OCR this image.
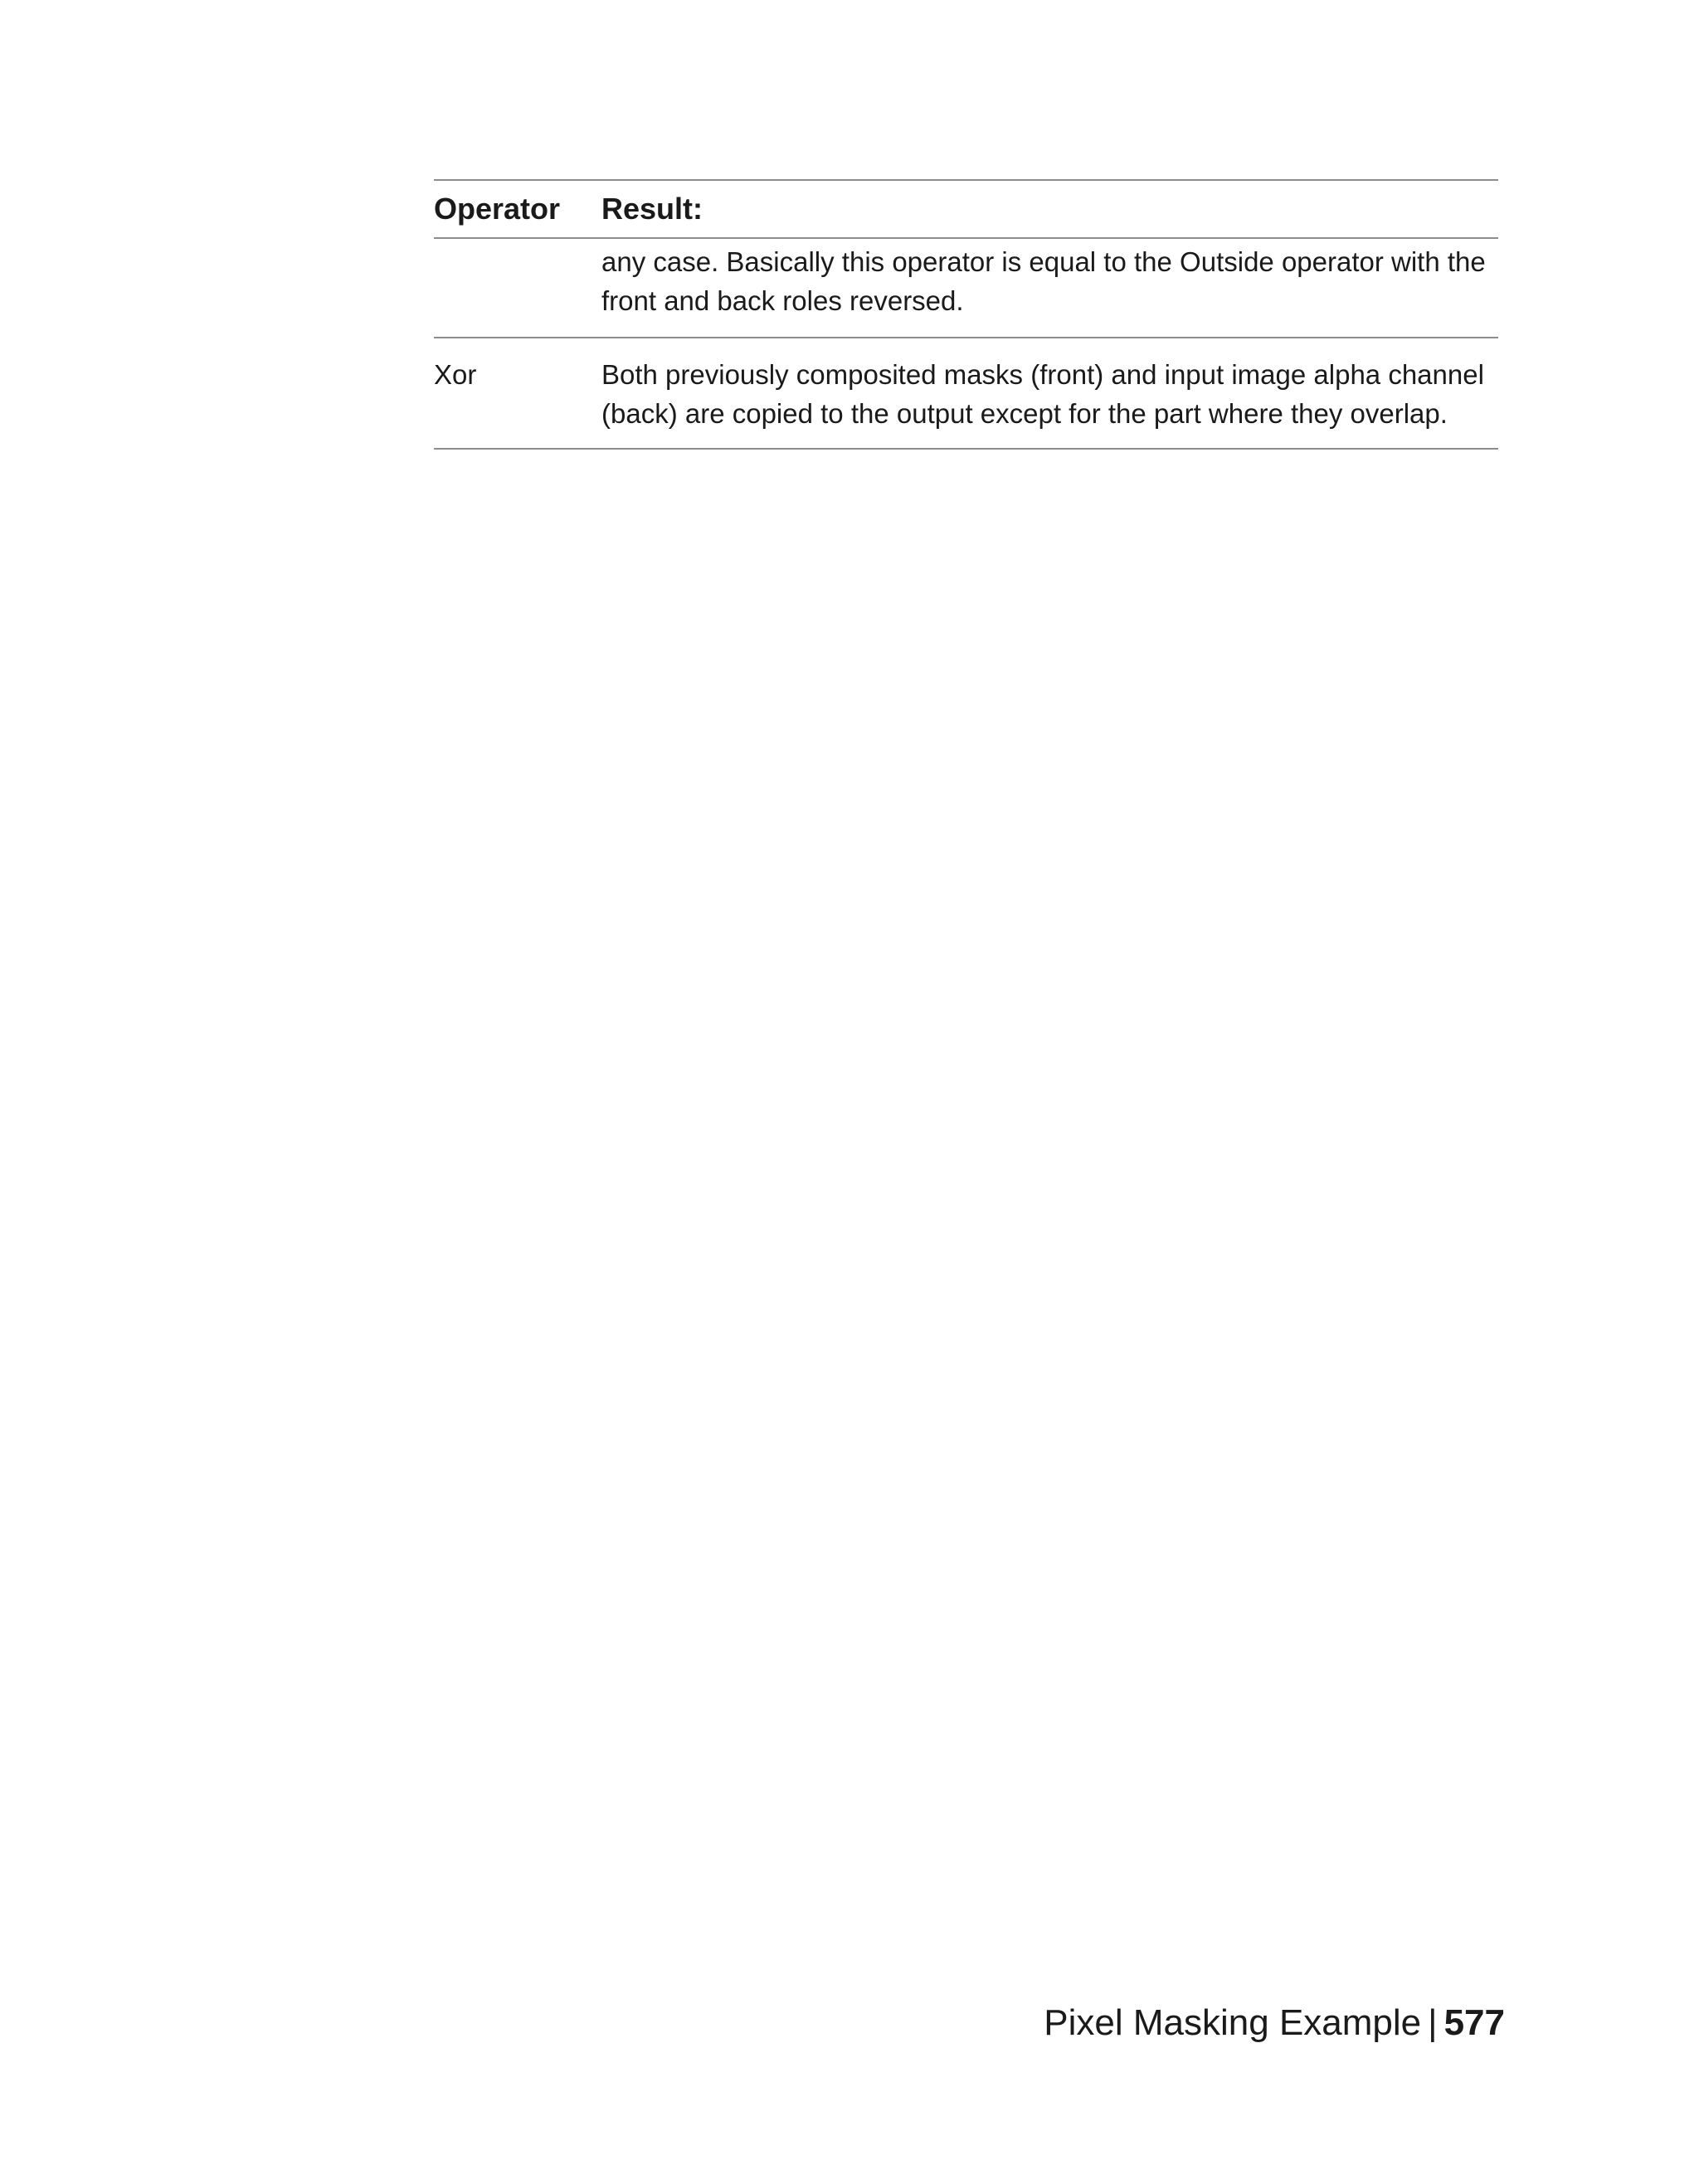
Operator	Result:
	any case. Basically this operator is equal to the Outside operator with the front and back roles reversed.
Xor	Both previously composited masks (front) and input image alpha channel (back) are copied to the output except for the part where they overlap.
Pixel Masking Example | 577
